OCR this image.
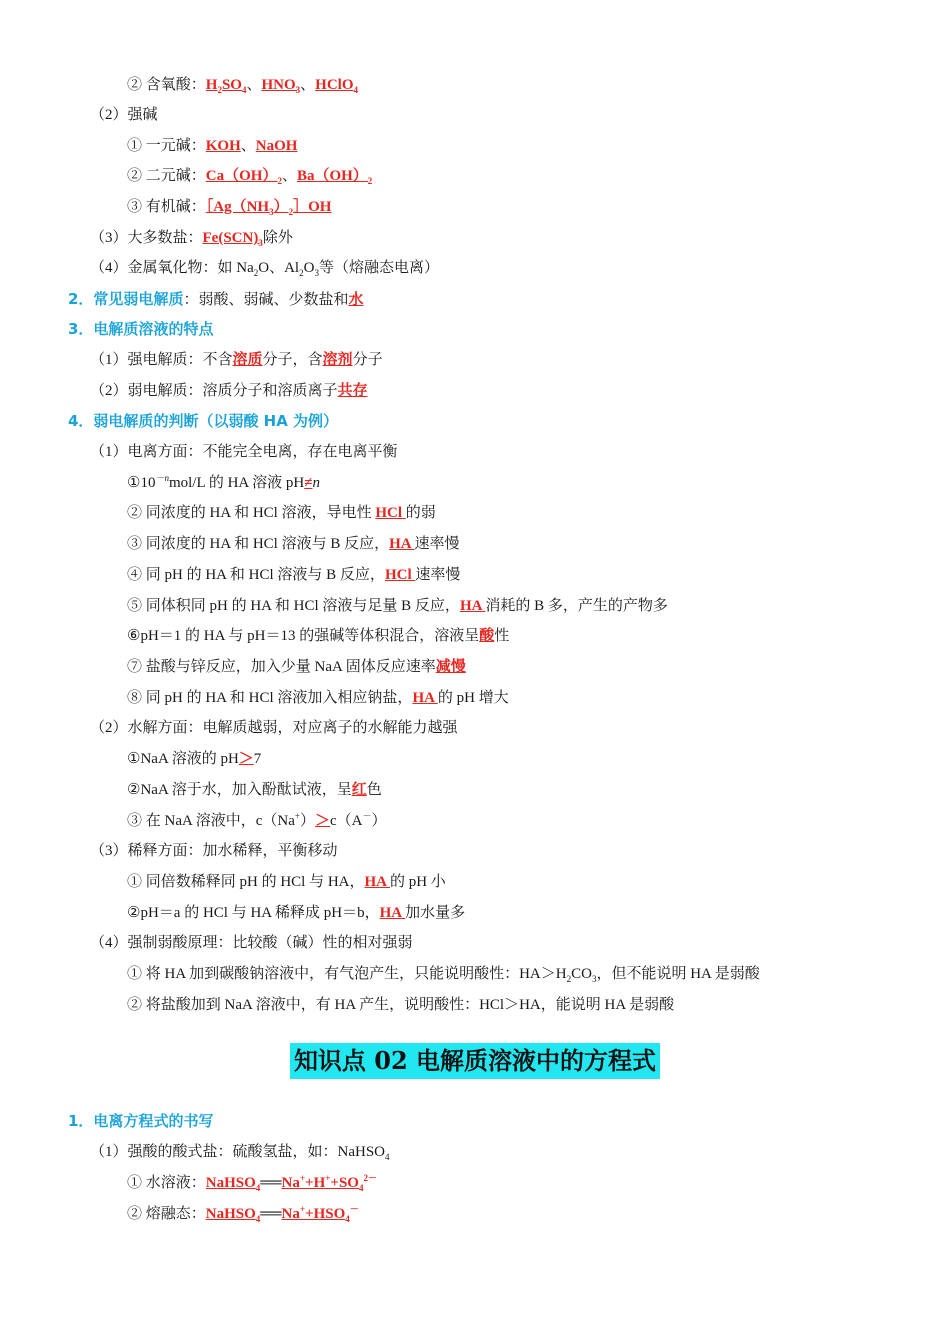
② 含氧酸：$H_2SO_4$、$HNO_3$、HClO$_4$
（2）强碱
① 一元碱：KOH、NaOH
② 二元碱：$Ca(OH)_2$、$Ba(OH)_2$
③ 有机碱：$[Ag(NH_3)_2]OH$
（3）大多数盐：$Fe(SCN)_3$除外
（4）金属氧化物：如 $Na_2O$、$Al_2O_3$等（熔融态电离）
2．常见弱电解质：弱酸、弱碱、少数盐和水
3．电解质溶液的特点
（1）强电解质：不含溶质分子，含溶剂分子
（2）弱电解质：溶质分子和溶质离子共存
4．弱电解质的判断（以弱酸 HA 为例）
（1）电离方面：不能完全电离，存在电离平衡
$①10^{-n}mol/L$ 的 HA 溶液 pH≠n
② 同浓度的 HA 和 HCl 溶液，导电性 HCl 的弱
③ 同浓度的 HA 和 HCl 溶液与 B 反应，HA 速率慢
④ 同 pH 的 HA 和 HCl 溶液与 B 反应，HCl 速率慢
⑤ 同体积同 pH 的 HA 和 HCl 溶液与足量 B 反应，HA 消耗的 B 多，产生的产物多
⑥pH＝1 的 HA 与 pH＝13 的强碱等体积混合，溶液呈酸性
⑦ 盐酸与锌反应，加入少量 NaA 固体反应速率减慢
⑧ 同 pH 的 HA 和 HCl 溶液加入相应钠盐，HA 的 pH 增大
（2）水解方面：电解质越弱，对应离子的水解能力越强
①NaA 溶液的 pH＞7
②NaA 溶于水，加入酚酞试液，呈红色
③ 在 NaA 溶液中，c（Na+）＞c（A－）
（3）稀释方面：加水稀释，平衡移动
① 同倍数稀释同 pH 的 HCl 与 HA，HA 的 pH 小
②pH＝a 的 HCl 与 HA 稀释成 pH＝b，HA 加水量多
（4）强制弱酸原理：比较酸（碱）性的相对强弱
① 将 HA 加到碳酸钠溶液中，有气泡产生，只能说明酸性：$HA>H_2CO_3$，但不能说明 HA 是弱酸
② 将盐酸加到 NaA 溶液中，有 HA 产生，说明酸性：HCl＞HA，能说明 HA 是弱酸
知识点 02 电解质溶液中的方程式
1．电离方程式的书写
（1）强酸的酸式盐：硫酸氢盐，如：NaHSO$_4$
① 水溶液：$NaHSO_4══Na^++H^++SO_4^{2-}$
② 熔融态：$NaHSO_4══Na^++HSO_4^-$
